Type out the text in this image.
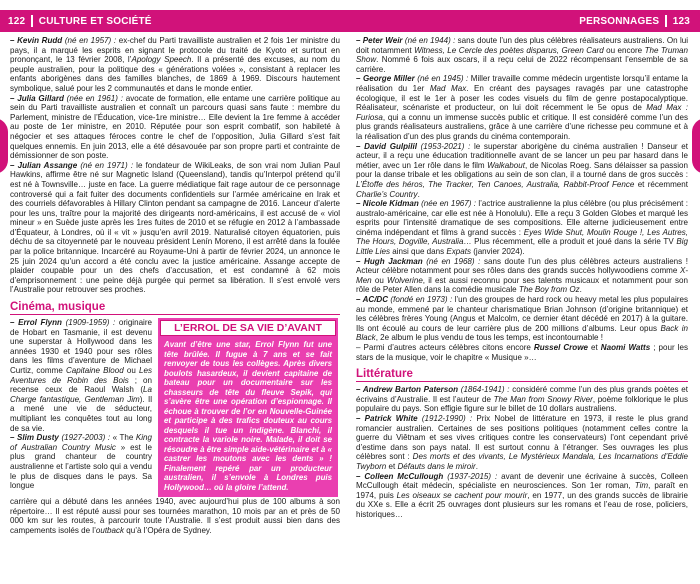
122 CULTURE ET SOCIÉTÉ	PERSONNAGES 123

– Kevin Rudd (né en 1957) : ex-chef du Parti travailliste australien et 2 fois 1er ministre du pays, il a marqué les esprits en signant le protocole du traité de Kyoto et surtout en prononçant, le 13 février 2008, l’Apology Speech. Il a présenté des excuses, au nom du peuple australien, pour la politique des « générations volées », consistant à replacer les enfants aborigènes dans des familles blanches, de 1869 à 1969. Discours hautement symbolique, salué pour les 2 communautés et dans le monde entier.

– Julia Gillard (née en 1961) : avocate de formation, elle entame une carrière politique au sein du Parti travailliste australien et connaît un parcours quasi sans faute : membre du Parlement, ministre de l’Éducation, vice-1re ministre… Elle devient la 1re femme à accéder au poste de 1er ministre, en 2010. Réputée pour son esprit combatif, son habileté à négocier et ses attaques féroces contre le chef de l’opposition, Julia Gillard s’est fait quelques ennemis. En juin 2013, elle a été désavouée par son propre parti et contrainte de démissionner de son poste.

– Julian Assange (né en 1971) : le fondateur de WikiLeaks, de son vrai nom Julian Paul Hawkins, affirme être né sur Magnetic Island (Queensland), tandis qu’Interpol prétend qu’il est né à Townsville… juste en face. La guerre médiatique fait rage autour de ce personnage controversé qui a fait fuiter des documents confidentiels sur l’armée américaine en Irak et des courriels défavorables à Hillary Clinton pendant sa campagne de 2016. Lanceur d’alerte pour les uns, traître pour la majorité des dirigeants nord-américains, il est accusé de « viol mineur » en Suède juste après les 1res fuites de 2010 et se réfugie en 2012 à l’ambassade d’Équateur, à Londres, où il « vit » jusqu’en avril 2019. Naturalisé citoyen équatorien, puis déchu de sa citoyenneté par le nouveau président Lenín Moreno, il est arrêté dans la foulée par la police britannique. Incarcéré au Royaume-Uni à partir de février 2024, un annonce le 25 juin 2024 qu’un accord a été conclu avec la justice américaine. Assange accepte de plaider coupable pour un des chefs d’accusation, et est condamné à 62 mois d’emprisonnement : une peine déjà purgée qui permet sa libération. Il s’est envolé vers l’Australie pour retrouver ses proches.

Cinéma, musique

– Errol Flynn (1909-1959) : originaire de Hobart en Tasmanie, il est devenu une superstar à Hollywood dans les années 1930 et 1940 pour ses rôles dans les films d’aventure de Michael Curtiz, comme Capitaine Blood ou Les Aventures de Robin des Bois ; on recense ceux de Raoul Walsh (La Charge fantastique, Gentleman Jim). Il a mené une vie de séducteur, multipliant les conquêtes tout au long de sa vie.

– Slim Dusty (1927-2003) : « The King of Australian Country Music » est le plus grand chanteur de country australienne et l’artiste solo qui a vendu le plus de disques dans le pays. Sa longue

L’ERROL DE SA VIE D’AVANT

Avant d’être une star, Errol Flynn fut une tête brûlée. Il fugue à 7 ans et se fait renvoyer de tous les collèges. Après divers boulots hasardeux, il devient capitaine de bateau pour un documentaire sur les chasseurs de tête du fleuve Sepik, qui s’avère être une opération d’espionnage. Il échoue à trouver de l’or en Nouvelle-Guinée et participe à des trafics douteux au cours desquels il tue un indigène. Blanchi, il contracte la variole noire. Malade, il doit se résoudre à être simple aide-vétérinaire et à « castrer les moutons avec les dents » ! Finalement repéré par un producteur australien, il s’envole à Londres puis Hollywood… où la gloire l’attend.

carrière qui a débuté dans les années 1940, avec aujourd’hui plus de 100 albums à son répertoire… Il est réputé aussi pour ses tournées marathon, 10 mois par an et près de 50 000 km sur les routes, à parcourir toute l’Australie. Il s’est produit aussi bien dans des campements isolés de l’outback qu’à l’Opéra de Sydney.

– Peter Weir (né en 1944) : sans doute l’un des plus célèbres réalisateurs australiens. On lui doit notamment Witness, Le Cercle des poètes disparus, Green Card ou encore The Truman Show. Nommé 6 fois aux oscars, il a reçu celui de 2022 récompensant l’ensemble de sa carrière.

– George Miller (né en 1945) : Miller travaille comme médecin urgentiste lorsqu’il entame la réalisation du 1er Mad Max. En créant des paysages ravagés par une catastrophe écologique, il est le 1er à poser les codes visuels du film de genre postapocalyptique. Réalisateur, scénariste et producteur, on lui doit récemment le 5e opus de Mad Max : Furiosa, qui a connu un immense succès public et critique. Il est considéré comme l’un des plus grands réalisateurs australiens, grâce à une carrière d’une richesse peu commune et à la réalisation d’un des plus grands du cinéma contemporain.

– David Gulpilil (1953-2021) : le superstar aborigène du cinéma australien ! Danseur et acteur, il a reçu une éducation traditionnelle avant de se lancer un peu par hasard dans le métier, avec un 1er rôle dans le film Walkabout, de Nicolas Roeg. Sans délaisser sa passion pour la danse tribale et les obligations au sein de son clan, il a tourné dans de gros succès : L’Étoffe des héros, The Tracker, Ten Canoes, Australia, Rabbit-Proof Fence et récemment Charlie’s Country.

– Nicole Kidman (née en 1967) : l’actrice australienne la plus célèbre (ou plus précisément : australo-américaine, car elle est née à Honolulu). Elle a reçu 3 Golden Globes et marqué les esprits pour l’intensité dramatique de ses compositions. Elle alterne judicieusement entre cinéma indépendant et films à grand succès : Eyes Wide Shut, Moulin Rouge !, Les Autres, The Hours, Dogville, Australia… Plus récemment, elle a produit et joué dans la série TV Big Little Lies ainsi que dans Expats (janvier 2024).

– Hugh Jackman (né en 1968) : sans doute l’un des plus célèbres acteurs australiens ! Acteur célèbre notamment pour ses rôles dans des grands succès hollywoodiens comme X-Men ou Wolverine, il est aussi reconnu pour ses talents musicaux et notamment pour son rôle de Peter Allen dans la comédie musicale The Boy from Oz.

– AC/DC (fondé en 1973) : l’un des groupes de hard rock ou heavy metal les plus populaires au monde, emmené par le chanteur charismatique Brian Johnson (d’origine britannique) et les célèbres frères Young (Angus et Malcolm, ce dernier étant décédé en 2017) à la guitare. Ils ont écoulé au cours de leur carrière plus de 200 millions d’albums. Leur opus Back in Black, 2e album le plus vendu de tous les temps, est incontournable !

– Parmi d’autres acteurs célèbres citons encore Russel Crowe et Naomi Watts ; pour les stars de la musique, voir le chapitre « Musique »…

Littérature

– Andrew Barton Paterson (1864-1941) : considéré comme l’un des plus grands poètes et écrivains d’Australie. Il est l’auteur de The Man from Snowy River, poème folklorique le plus populaire du pays. Son effigie figure sur le billet de 10 dollars australiens.

– Patrick White (1912-1990) : Prix Nobel de littérature en 1973, il reste le plus grand romancier australien. Certaines de ses positions politiques (notamment celles contre la guerre du Viêtnam et ses vives critiques contre les conservateurs) l’ont cependant privé d’estime dans son pays natal. Il est surtout connu à l’étranger. Ses ouvrages les plus célèbres sont : Des morts et des vivants, Le Mystérieux Mandala, Les Incarnations d’Eddie Twyborn et Défauts dans le miroir.

– Colleen McCullough (1937-2015) : avant de devenir une écrivaine à succès, Colleen McCullough était médecin, spécialiste en neurosciences. Son 1er roman, Tim, paraît en 1974, puis Les oiseaux se cachent pour mourir, en 1977, un des grands succès de librairie du XXe s. Elle a écrit 25 ouvrages dont plusieurs sur les romans et l’eau de rose, policiers, historiques…
